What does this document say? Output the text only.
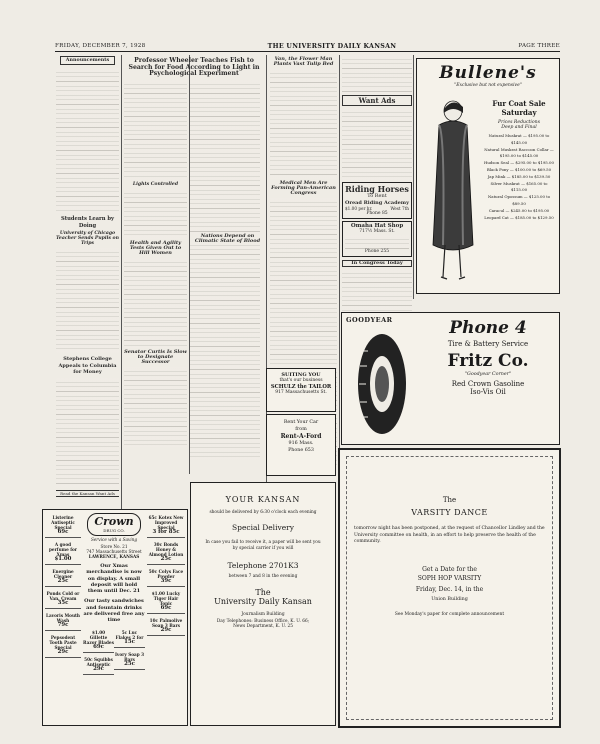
FRIDAY, DECEMBER 7, 1928	THE UNIVERSITY DAILY KANSAN	PAGE THREE
Announcements
Students Learn by Doing
University of Chicago Teacher Sends Pupils on Trips
Stephens College Appeals to Columbia for Money
Read the Kansan Want Ads
Professor Wheeler Teaches Fish to Search for Food According to Light in Psychological Experiment
Lights Controlled
Health and Agility Tests Given Out to Hill Women
Senator Curtis Is Slow to Designate Successor
Van, the Flower Man Plants Vast Tulip Bed
Medical Men Are Forming Pan-American Congress
Nations Depend on Climatic State of Blood
Want Ads
Riding Horses
To Rent
Oread Riding Academy
$1.00 per hr.	West 7th
Phone 85
Omaha Hat Shop
717½ Mass. St.
Phone 255
In Congress Today
SUITING YOU
that's our business
SCHULZ the TAILOR
917 Massachusetts St.
Rent Your Car
from
Rent-A-Ford
916 Mass.
Phone 653
Bullene's
"Exclusive but not expensive"
Fur Coat Sale
Saturday
Prices Reductions
Deep and Final
Natural Muskrat — $195.00 to $145.00
Natural Muskrat Raccoon Collar — $195.00 to $145.00
Hudson Seal — $295.00 to $195.00
Black Pony — $100.00 to $69.50
Jap Mink — $185.00 to $139.50
Silver Muskrat — $165.00 to $115.00
Natural Opossum — $125.00 to $89.50
Caracul — $245.00 to $195.00
Leopard Cat — $185.00 to $129.50
GOODYEAR	Phone 4
Tire & Battery Service
Fritz Co.
"Goodyear Corner"
Red Crown Gasoline
Iso-Vis Oil
Listerine Antiseptic Special
69c
A good perfume for Xmas
$1.00
Energine Cleaner
25c
Ponds Cold or Van. Cream
35c
Lavoris Mouth Wash
79c
Pepsodent Tooth Paste Special
29c
Crown
DRUG CO.
Service with a Saving
Store No. 21
747 Massachusetts Street
LAWRENCE, KANSAS
Our Xmas merchandise is now on display. A small deposit will hold them until Dec. 21
Our tasty sandwiches and fountain drinks are delivered free any time
$1.00 Gillette Razor Blades
69c
50c Squibbs Antiseptic
29c
5c Luc Flakes 2 for
15c
Ivory Soap 3 Bars
25c
65c Kotex New Improved Special
3 for 85c
30c Bonds Honey & Almond Lotion
25c
50c Colys Face Powder
39c
$1.00 Lucky Tiger Hair Tonic
69c
10c Palmolive Soap 3 Bars
29c
YOUR KANSAN
should be delivered by 6:30 o'clock each evening
Special Delivery
In case you fail to receive it, a paper will be sent you by special carrier if you will
Telephone 2701K3
between 7 and 8 in the evening
The
University Daily Kansan
Journalism Building
Day Telephones: Business Office, K. U. 66;
News Department, K. U. 25
The
VARSITY DANCE
tomorrow night has been postponed, at the request of Chancellor Lindley and the University committee on health, in an effort to help preserve the health of the community.
Get a Date for the
SOPH HOP VARSITY
Friday, Dec. 14, in the
Union Building
See Monday's paper for complete announcement
